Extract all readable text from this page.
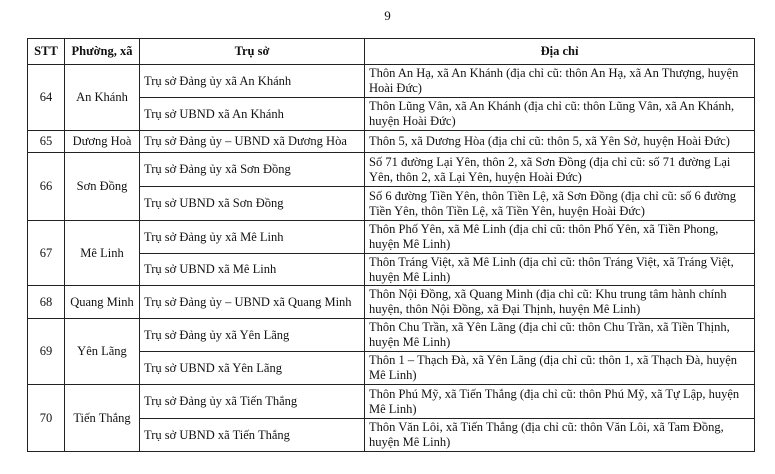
9
STT	Phường, xã	Trụ sở	Địa chỉ
64	An Khánh	Trụ sở Đảng ủy xã An Khánh	Thôn An Hạ, xã An Khánh (địa chỉ cũ: thôn An Hạ, xã An Thượng, huyện Hoài Đức)
		Trụ sở UBND xã An Khánh	Thôn Lũng Vân, xã An Khánh (địa chỉ cũ: thôn Lũng Vân, xã An Khánh, huyện Hoài Đức)
65	Dương Hoà	Trụ sở Đảng ủy – UBND xã Dương Hòa	Thôn 5, xã Dương Hòa (địa chỉ cũ: thôn 5, xã Yên Sở, huyện Hoài Đức)
66	Sơn Đồng	Trụ sở Đảng ủy xã Sơn Đồng	Số 71 đường Lại Yên, thôn 2, xã Sơn Đồng (địa chỉ cũ: số 71 đường Lại Yên, thôn 2, xã Lại Yên, huyện Hoài Đức)
		Trụ sở UBND xã Sơn Đồng	Số 6 đường Tiền Yên, thôn Tiền Lệ, xã Sơn Đồng (địa chỉ cũ: số 6 đường Tiền Yên, thôn Tiền Lệ, xã Tiền Yên, huyện Hoài Đức)
67	Mê Linh	Trụ sở Đảng ủy xã Mê Linh	Thôn Phố Yên, xã Mê Linh (địa chỉ cũ: thôn Phố Yên, xã Tiền Phong, huyện Mê Linh)
		Trụ sở UBND xã Mê Linh	Thôn Tráng Việt, xã Mê Linh (địa chỉ cũ: thôn Tráng Việt, xã Tráng Việt, huyện Mê Linh)
68	Quang Minh	Trụ sở Đảng ủy – UBND xã Quang Minh	Thôn Nội Đồng, xã Quang Minh (địa chỉ cũ: Khu trung tâm hành chính huyện, thôn Nội Đồng, xã Đại Thịnh, huyện Mê Linh)
69	Yên Lãng	Trụ sở Đảng ủy xã Yên Lãng	Thôn Chu Trần, xã Yên Lãng (địa chỉ cũ: thôn Chu Trần, xã Tiền Thịnh, huyện Mê Linh)
		Trụ sở UBND xã Yên Lãng	Thôn 1 – Thạch Đà, xã Yên Lãng (địa chỉ cũ: thôn 1, xã Thạch Đà, huyện Mê Linh)
70	Tiến Thắng	Trụ sở Đảng ủy xã Tiến Thắng	Thôn Phú Mỹ, xã Tiến Thắng (địa chỉ cũ: thôn Phú Mỹ, xã Tự Lập, huyện Mê Linh)
		Trụ sở UBND xã Tiến Thắng	Thôn Văn Lôi, xã Tiến Thắng (địa chỉ cũ: thôn Văn Lôi, xã Tam Đồng, huyện Mê Linh)
